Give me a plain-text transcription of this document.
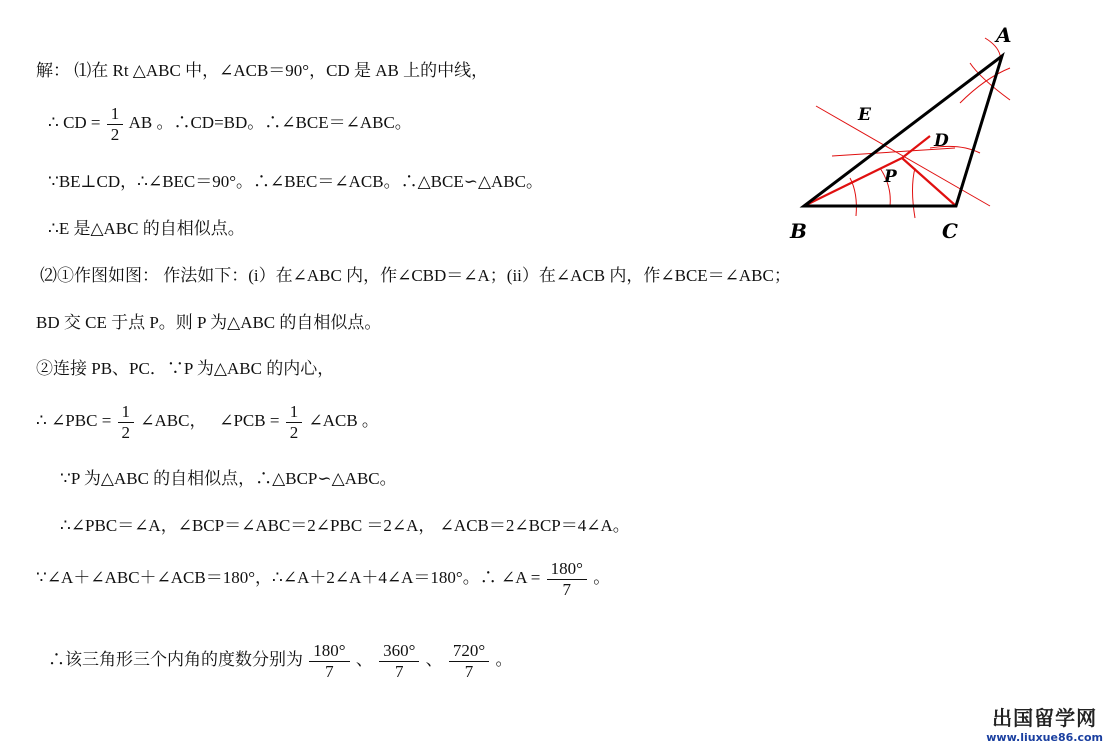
解： ⑴在 Rt △ABC 中，∠ACB＝90°，CD 是 AB 上的中线，
∴ CD = $\frac{1}{2}$ AB 。∴CD=BD。∴∠BCE＝∠ABC。
∵BE⊥CD，∴∠BEC＝90°。∴∠BEC＝∠ACB。∴△BCE∽△ABC。
∴E 是△ABC 的自相似点。
⑵①作图如图： 作法如下：(i）在∠ABC 内，作∠CBD＝∠A；(ii）在∠ACB 内，作∠BCE＝∠ABC；
BD 交 CE 于点 P。则 P 为△ABC 的自相似点。
②连接 PB、PC．∵P 为△ABC 的内心，
∴ ∠PBC = $\frac{1}{2}$ ∠ABC， ∠PCB = $\frac{1}{2}$ ∠ACB 。
∵P 为△ABC 的自相似点，∴△BCP∽△ABC。
∴∠PBC＝∠A，∠BCP＝∠ABC＝2∠PBC ＝2∠A， ∠ACB＝2∠BCP＝4∠A。
∵∠A＋∠ABC＋∠ACB＝180°，∴∠A＋2∠A＋4∠A＝180°。∴ ∠A = $\frac{180^\circ}{7}$ 。
∴该三角形三个内角的度数分别为 $\frac{180^\circ}{7}$ 、 $\frac{360^\circ}{7}$ 、 $\frac{720^\circ}{7}$ 。
A
B	C
D
E
P
出国留学网
www.liuxue86.com
